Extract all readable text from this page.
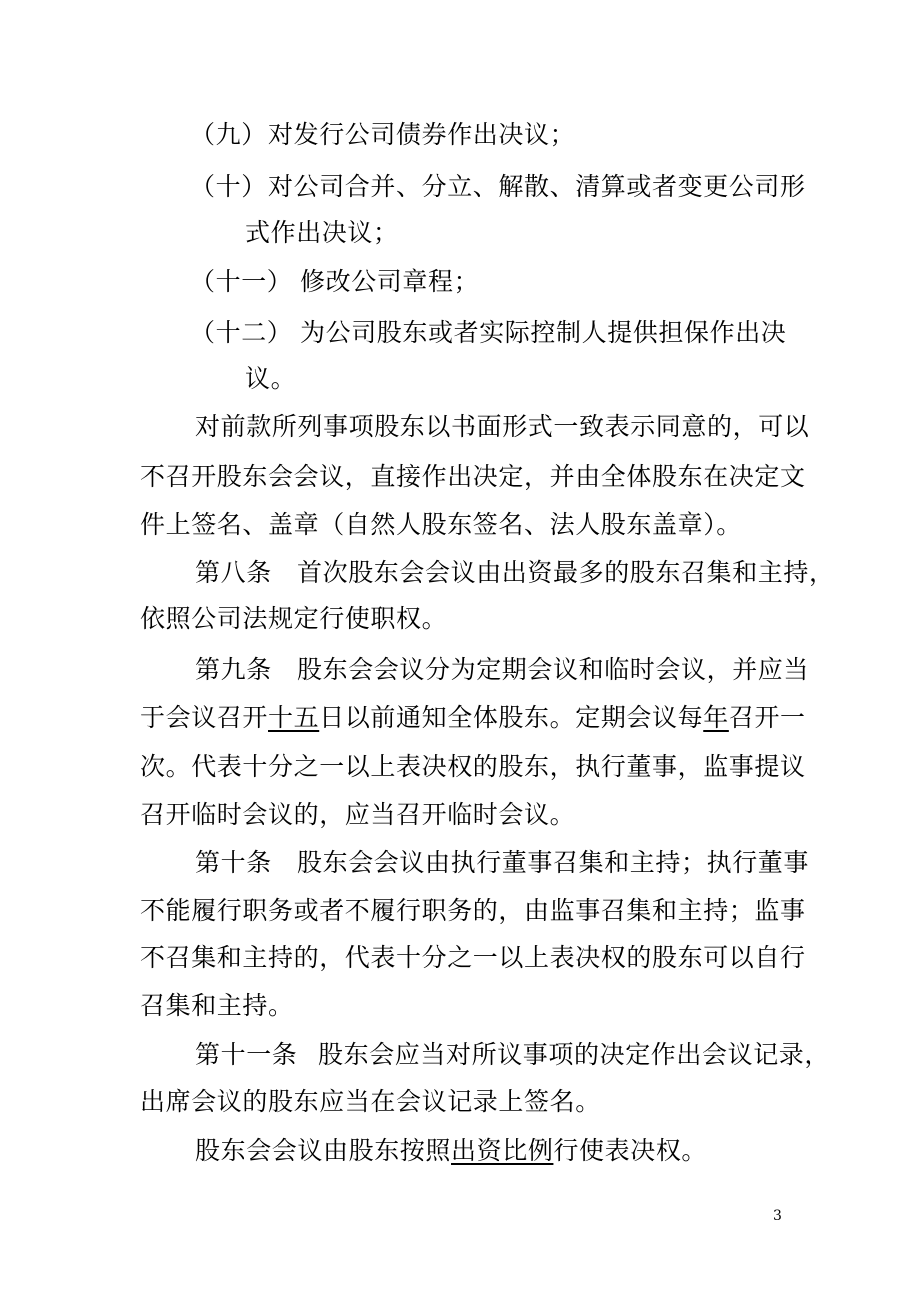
（九） 对发行公司债券作出决议；
（十） 对公司合并、分立、解散、清算或者变更公司形
式作出决议；
（十一） 修改公司章程；
（十二） 为公司股东或者实际控制人提供担保作出决
议。
对前款所列事项股东以书面形式一致表示同意的，可以
不召开股东会会议，直接作出决定，并由全体股东在决定文
件上签名、盖章（自然人股东签名、法人股东盖章）。
第八条 首次股东会会议由出资最多的股东召集和主持，
依照公司法规定行使职权。
第九条 股东会会议分为定期会议和临时会议，并应当
于会议召开十五日以前通知全体股东。定期会议每年召开一
次。代表十分之一以上表决权的股东，执行董事，监事提议
召开临时会议的，应当召开临时会议。
第十条 股东会会议由执行董事召集和主持；执行董事
不能履行职务或者不履行职务的，由监事召集和主持；监事
不召集和主持的，代表十分之一以上表决权的股东可以自行
召集和主持。
第十一条 股东会应当对所议事项的决定作出会议记录，
出席会议的股东应当在会议记录上签名。
股东会会议由股东按照出资比例行使表决权。
3
